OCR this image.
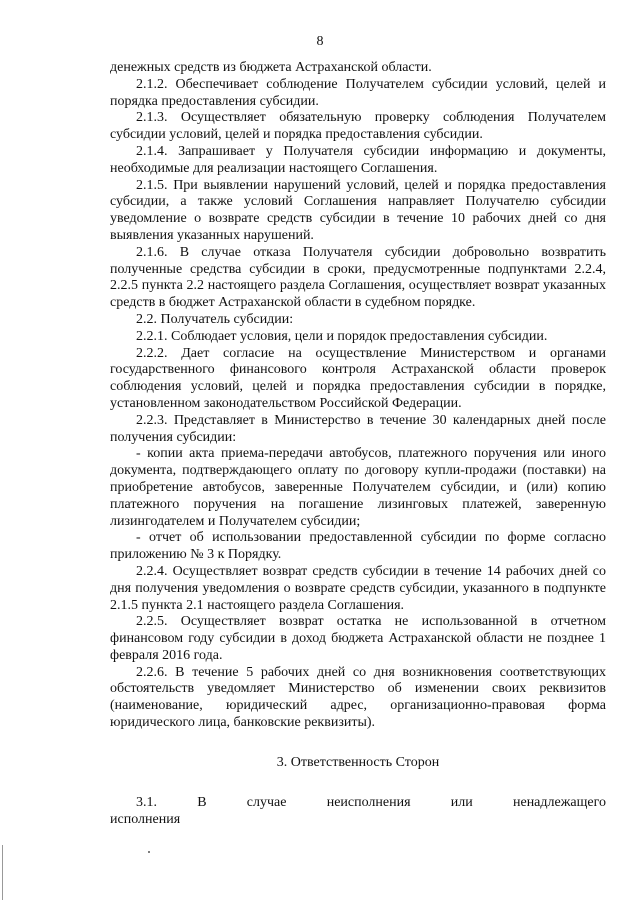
8

денежных средств из бюджета Астраханской области.

2.1.2. Обеспечивает соблюдение Получателем субсидии условий, целей и порядка предоставления субсидии.

2.1.3. Осуществляет обязательную проверку соблюдения Получателем субсидии условий, целей и порядка предоставления субсидии.

2.1.4. Запрашивает у Получателя субсидии информацию и документы, необходимые для реализации настоящего Соглашения.

2.1.5. При выявлении нарушений условий, целей и порядка предоставления субсидии, а также условий Соглашения направляет Получателю субсидии уведомление о возврате средств субсидии в течение 10 рабочих дней со дня выявления указанных нарушений.

2.1.6. В случае отказа Получателя субсидии добровольно возвратить полученные средства субсидии в сроки, предусмотренные подпунктами 2.2.4, 2.2.5 пункта 2.2 настоящего раздела Соглашения, осуществляет возврат указанных средств в бюджет Астраханской области в судебном порядке.

2.2. Получатель субсидии:

2.2.1. Соблюдает условия, цели и порядок предоставления субсидии.

2.2.2. Дает согласие на осуществление Министерством и органами государственного финансового контроля Астраханской области проверок соблюдения условий, целей и порядка предоставления субсидии в порядке, установленном законодательством Российской Федерации.

2.2.3. Представляет в Министерство в течение 30 календарных дней после получения субсидии:

- копии акта приема-передачи автобусов, платежного поручения или иного документа, подтверждающего оплату по договору купли-продажи (поставки) на приобретение автобусов, заверенные Получателем субсидии, и (или) копию платежного поручения на погашение лизинговых платежей, заверенную лизингодателем и Получателем субсидии;

- отчет об использовании предоставленной субсидии по форме согласно приложению № 3 к Порядку.

2.2.4. Осуществляет возврат средств субсидии в течение 14 рабочих дней со дня получения уведомления о возврате средств субсидии, указанного в подпункте 2.1.5 пункта 2.1 настоящего раздела Соглашения.

2.2.5. Осуществляет возврат остатка не использованной в отчетном финансовом году субсидии в доход бюджета Астраханской области не позднее 1 февраля 2016 года.

2.2.6. В течение 5 рабочих дней со дня возникновения соответствующих обстоятельств уведомляет Министерство об изменении своих реквизитов (наименование, юридический адрес, организационно-правовая форма юридического лица, банковские реквизиты).

3. Ответственность Сторон

3.1. В случае неисполнения или ненадлежащего исполнения
